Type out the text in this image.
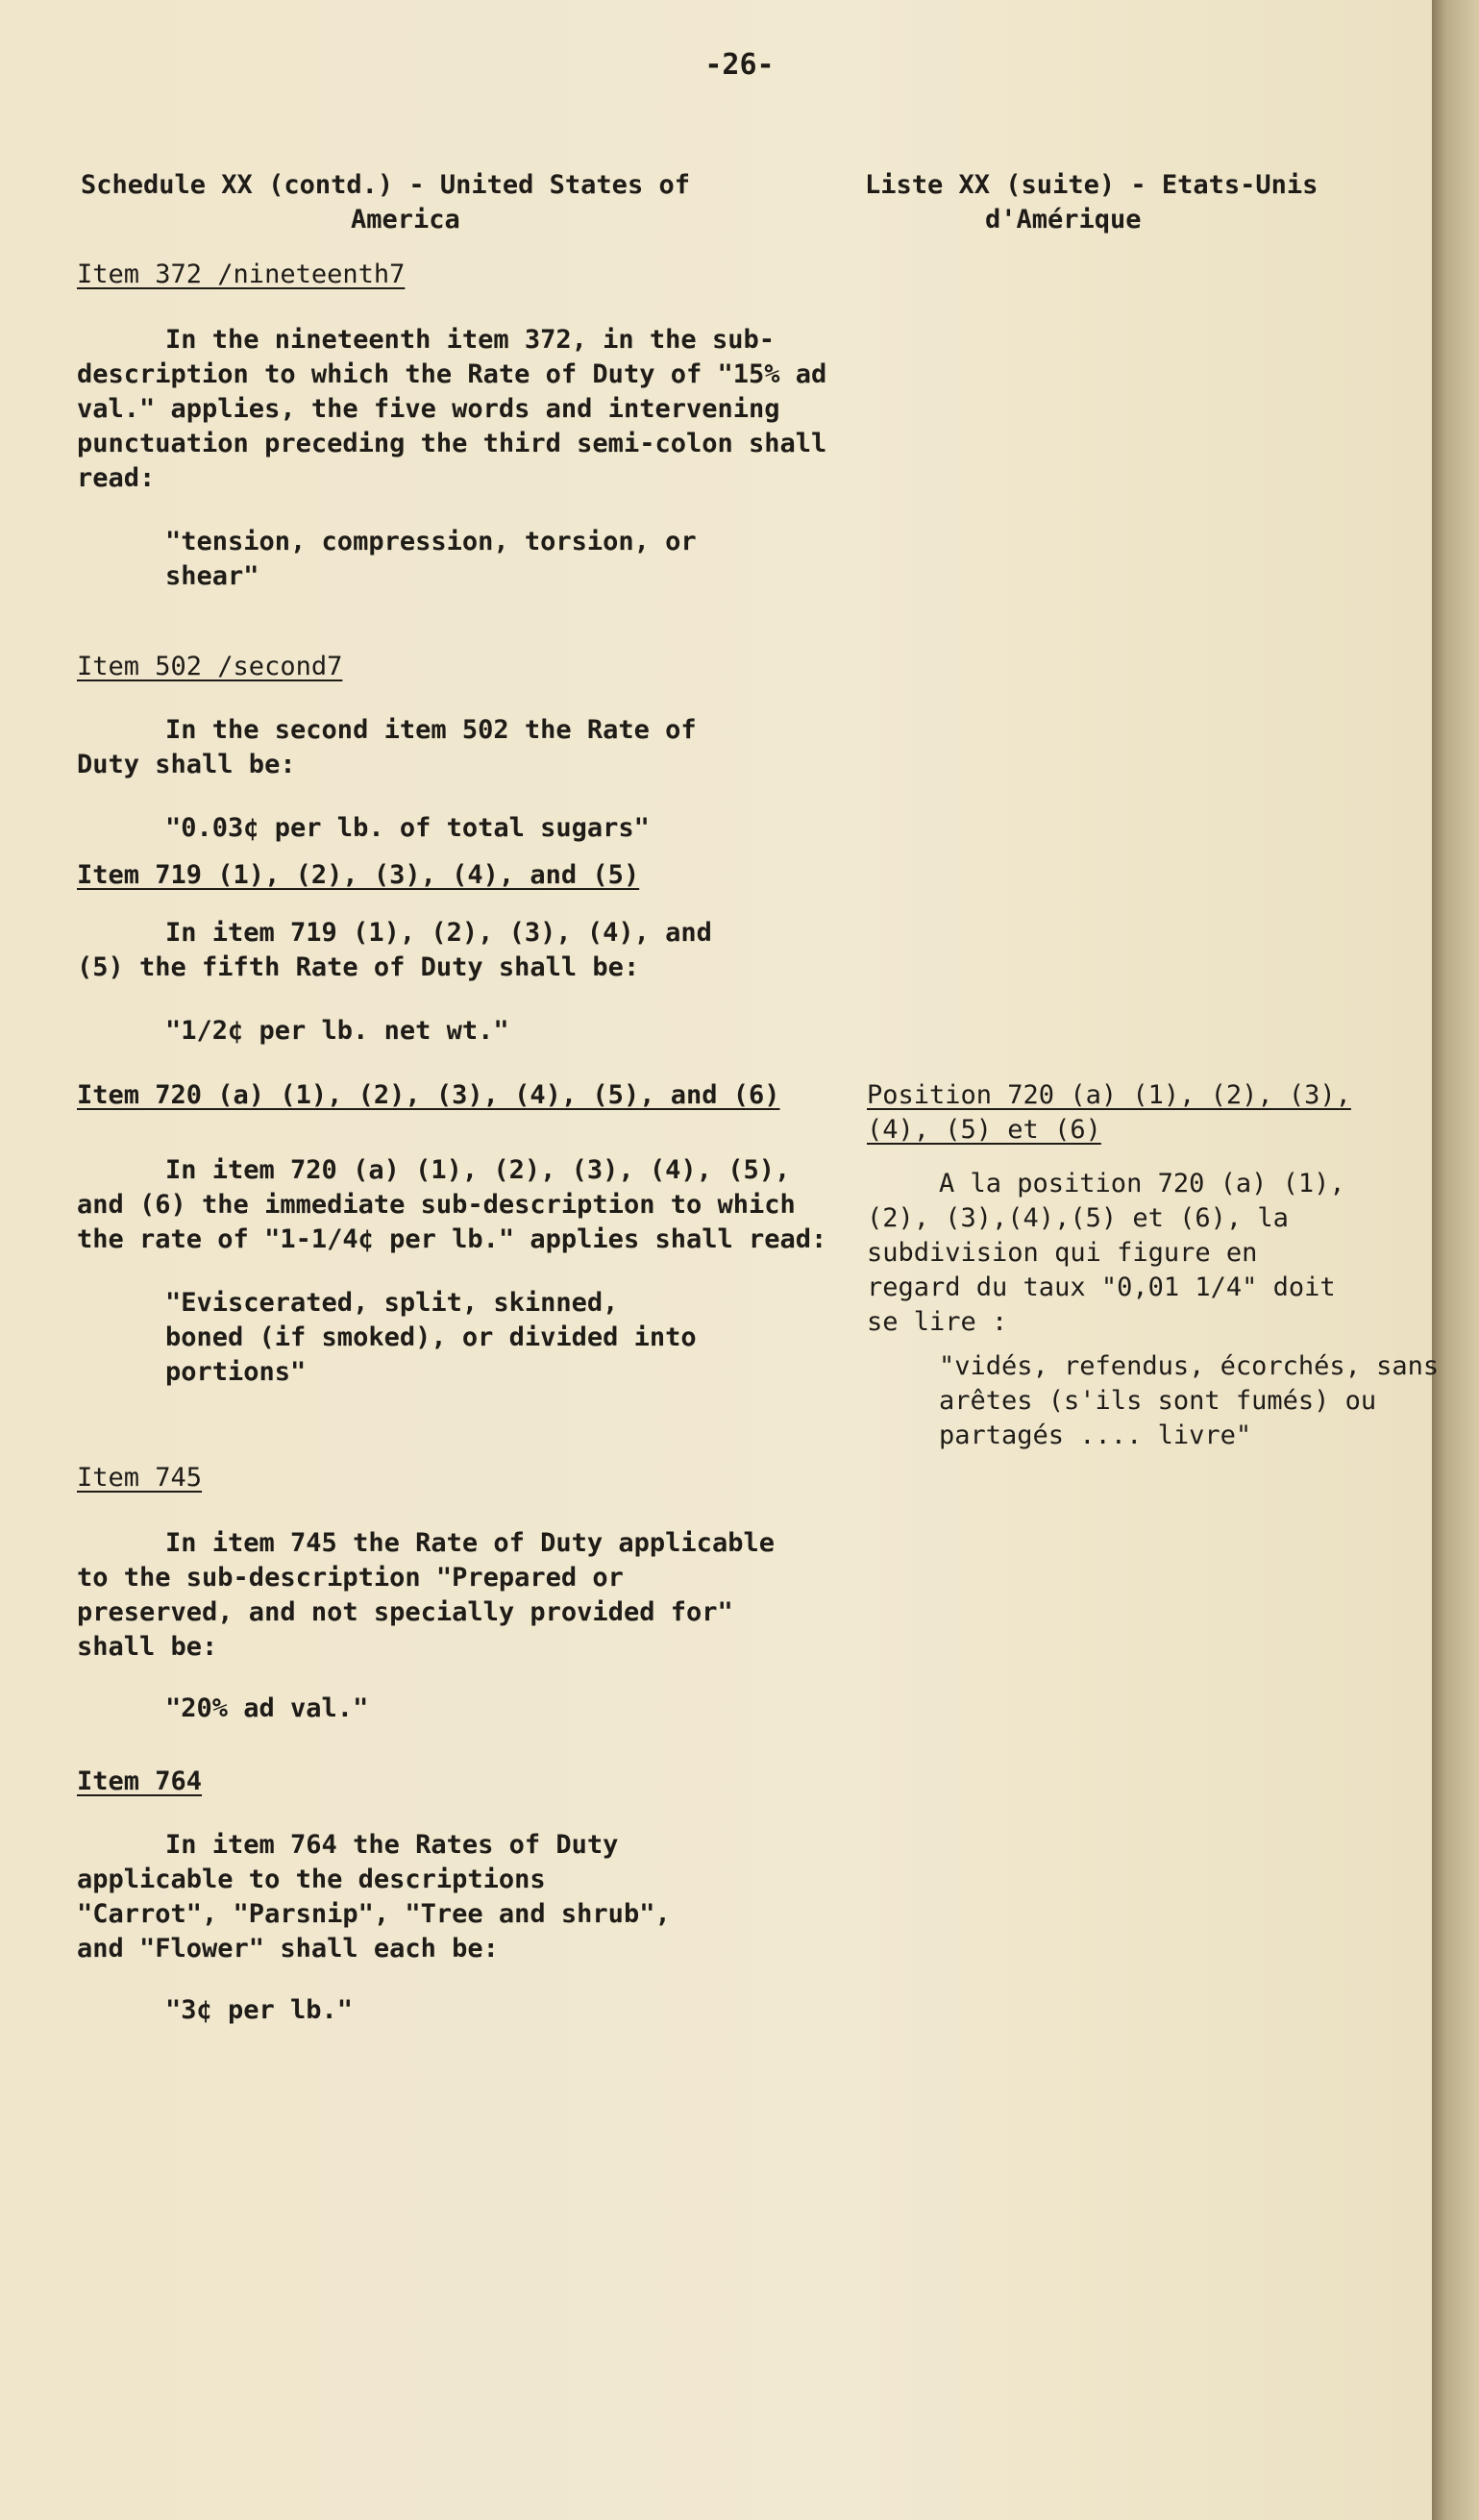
-26-

Schedule XX (contd.) - United States of

America

Liste XX (suite) - Etats-Unis

d'Amérique

Item 372 /nineteenth7

In the nineteenth item 372, in the sub-description to which the Rate of Duty of "15% ad val." applies, the five words and intervening punctuation preceding the third semi-colon shall read:

"tension, compression, torsion, or shear"

Item 502 /second7

In the second item 502 the Rate of Duty shall be:

"0.03¢ per lb. of total sugars"

Item 719 (1), (2), (3), (4), and (5)

In item 719 (1), (2), (3), (4), and (5) the fifth Rate of Duty shall be:

"1/2¢ per lb. net wt."

Item 720 (a) (1), (2), (3), (4), (5), and (6)

In item 720 (a) (1), (2), (3), (4), (5), and (6) the immediate sub-description to which the rate of "1-1/4¢ per lb." applies shall read:

"Eviscerated, split, skinned, boned (if smoked), or divided into portions"

Item 745

In item 745 the Rate of Duty applicable to the sub-description "Prepared or preserved, and not specially provided for" shall be:

"20% ad val."

Item 764

In item 764 the Rates of Duty applicable to the descriptions "Carrot", "Parsnip", "Tree and shrub", and "Flower" shall each be:

"3¢ per lb."

Position 720 (a) (1), (2), (3), (4), (5) et (6)

A la position 720 (a) (1),(2), (3),(4),(5) et (6), la subdivision qui figure en regard du taux "0,01 1/4" doit se lire :

"vidés, refendus, écorchés, sans arêtes (s'ils sont fumés) ou partagés .... livre"
